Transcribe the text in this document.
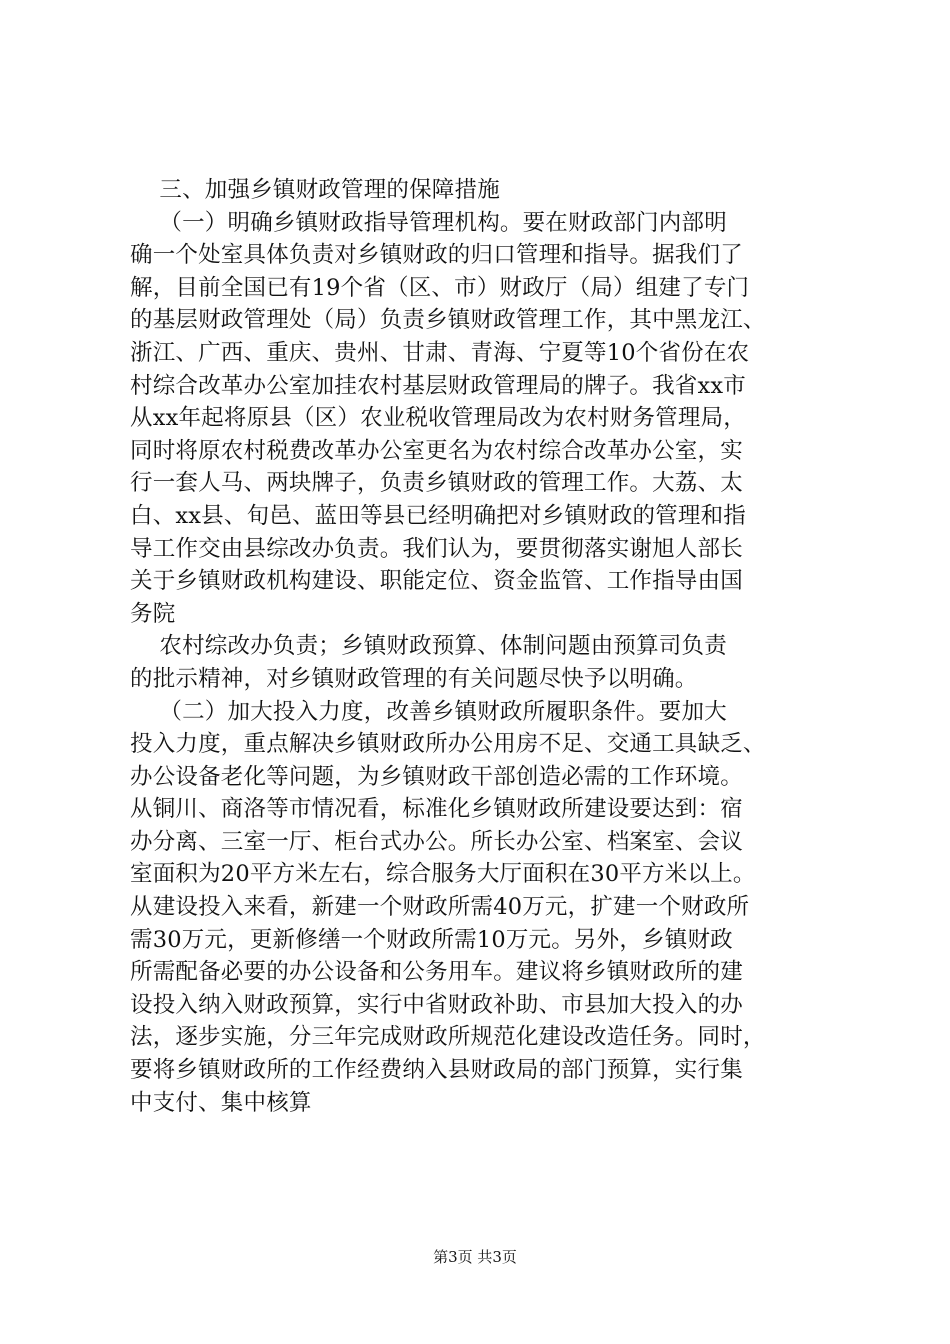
三、加强乡镇财政管理的保障措施
（一）明确乡镇财政指导管理机构。要在财政部门内部明
确一个处室具体负责对乡镇财政的归口管理和指导。据我们了
解，目前全国已有19个省（区、市）财政厅（局）组建了专门
的基层财政管理处（局）负责乡镇财政管理工作，其中黑龙江、
浙江、广西、重庆、贵州、甘肃、青海、宁夏等10个省份在农
村综合改革办公室加挂农村基层财政管理局的牌子。我省xx市
从xx年起将原县（区）农业税收管理局改为农村财务管理局，
同时将原农村税费改革办公室更名为农村综合改革办公室，实
行一套人马、两块牌子，负责乡镇财政的管理工作。大荔、太
白、xx县、旬邑、蓝田等县已经明确把对乡镇财政的管理和指
导工作交由县综改办负责。我们认为，要贯彻落实谢旭人部长
关于乡镇财政机构建设、职能定位、资金监管、工作指导由国
务院
农村综改办负责；乡镇财政预算、体制问题由预算司负责
的批示精神，对乡镇财政管理的有关问题尽快予以明确。
（二）加大投入力度，改善乡镇财政所履职条件。要加大
投入力度，重点解决乡镇财政所办公用房不足、交通工具缺乏、
办公设备老化等问题，为乡镇财政干部创造必需的工作环境。
从铜川、商洛等市情况看，标准化乡镇财政所建设要达到：宿
办分离、三室一厅、柜台式办公。所长办公室、档案室、会议
室面积为20平方米左右，综合服务大厅面积在30平方米以上。
从建设投入来看，新建一个财政所需40万元，扩建一个财政所
需30万元，更新修缮一个财政所需10万元。另外，乡镇财政
所需配备必要的办公设备和公务用车。建议将乡镇财政所的建
设投入纳入财政预算，实行中省财政补助、市县加大投入的办
法，逐步实施，分三年完成财政所规范化建设改造任务。同时，
要将乡镇财政所的工作经费纳入县财政局的部门预算，实行集
中支付、集中核算
第3页 共3页
